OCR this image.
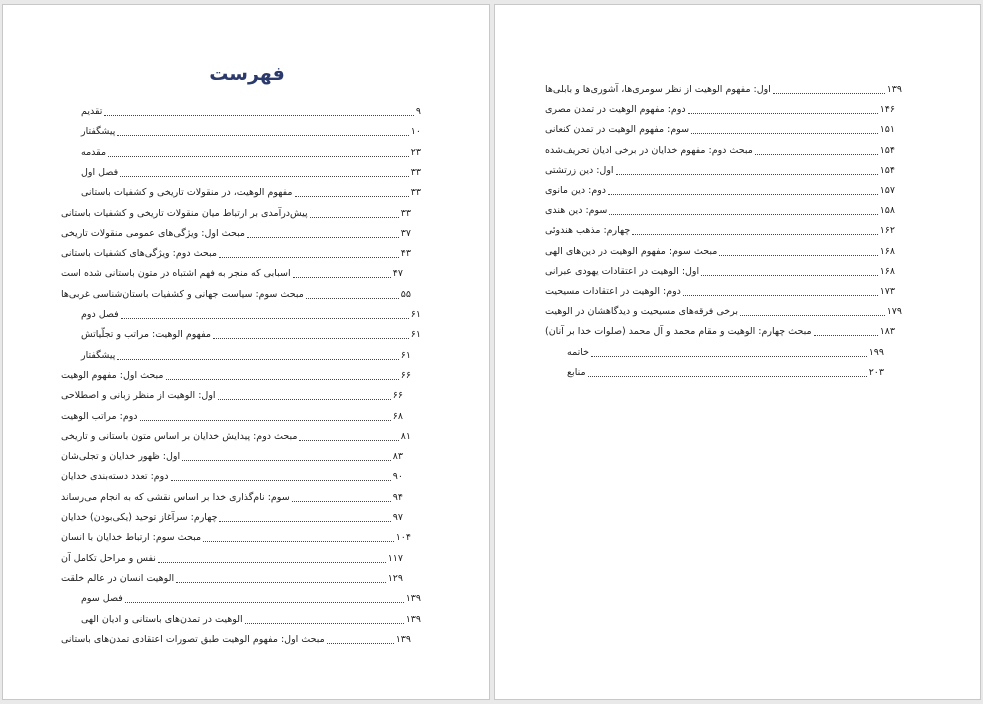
فهرست
تقدیم	۹
پیشگفتار	۱۰
مقدمه	۲۳
فصل اول	۳۳
مفهوم الوهیت، در منقولات تاریخی و کشفیات باستانی	۳۳
پیش‌درآمدی بر ارتباط میان منقولات تاریخی و کشفیات باستانی	۳۳
مبحث اول: ویژگی‌های عمومی منقولات تاریخی	۳۷
مبحث دوم: ویژگی‌های کشفیات باستانی	۴۳
اسبابی که منجر به فهم اشتباه در متون باستانی شده است	۴۷
مبحث سوم: سیاست جهانی و کشفیات باستان‌شناسی غربی‌ها	۵۵
فصل دوم	۶۱
مفهوم الوهیت: مراتب و تجلّیاتش	۶۱
پیشگفتار	۶۱
مبحث اول: مفهوم الوهیت	۶۶
اول: الوهیت از منظر زبانی و اصطلاحی	۶۶
دوم: مراتب الوهیت	۶۸
مبحث دوم: پیدایش خدایان بر اساس متون باستانی و تاریخی	۸۱
اول: ظهور خدایان و تجلی‌شان	۸۳
دوم: تعدد دسته‌بندی خدایان	۹۰
سوم: نام‌گذاری خدا بر اساس نقشی که به انجام می‌رساند	۹۴
چهارم: سرآغاز توحید (یکی‌بودن) خدایان	۹۷
مبحث سوم: ارتباط خدایان با انسان	۱۰۴
نفس و مراحل تکامل آن	۱۱۷
الوهیت انسان در عالم خلقت	۱۲۹
فصل سوم	۱۳۹
الوهیت در تمدن‌های باستانی و ادیان الهی	۱۳۹
مبحث اول: مفهوم الوهیت طبق تصورات اعتقادی تمدن‌های باستانی	۱۳۹
اول: مفهوم الوهیت از نظر سومری‌ها، آشوری‌ها و بابلی‌ها	۱۳۹
دوم: مفهوم الوهیت در تمدن مصری	۱۴۶
سوم: مفهوم الوهیت در تمدن کنعانی	۱۵۱
مبحث دوم: مفهوم خدایان در برخی ادیان تحریف‌شده	۱۵۴
اول: دین زرتشتی	۱۵۴
دوم: دین مانوی	۱۵۷
سوم: دین هندی	۱۵۸
چهارم: مذهب هندوئی	۱۶۲
مبحث سوم: مفهوم الوهیت در دین‌های الهی	۱۶۸
اول: الوهیت در اعتقادات یهودی عبرانی	۱۶۸
دوم: الوهیت در اعتقادات مسیحیت	۱۷۳
برخی فرقه‌های مسیحیت و دیدگاهشان در الوهیت	۱۷۹
مبحث چهارم: الوهیت و مقام محمد و آل محمد (صلوات خدا بر آنان)	۱۸۳
خاتمه	۱۹۹
منابع	۲۰۳
